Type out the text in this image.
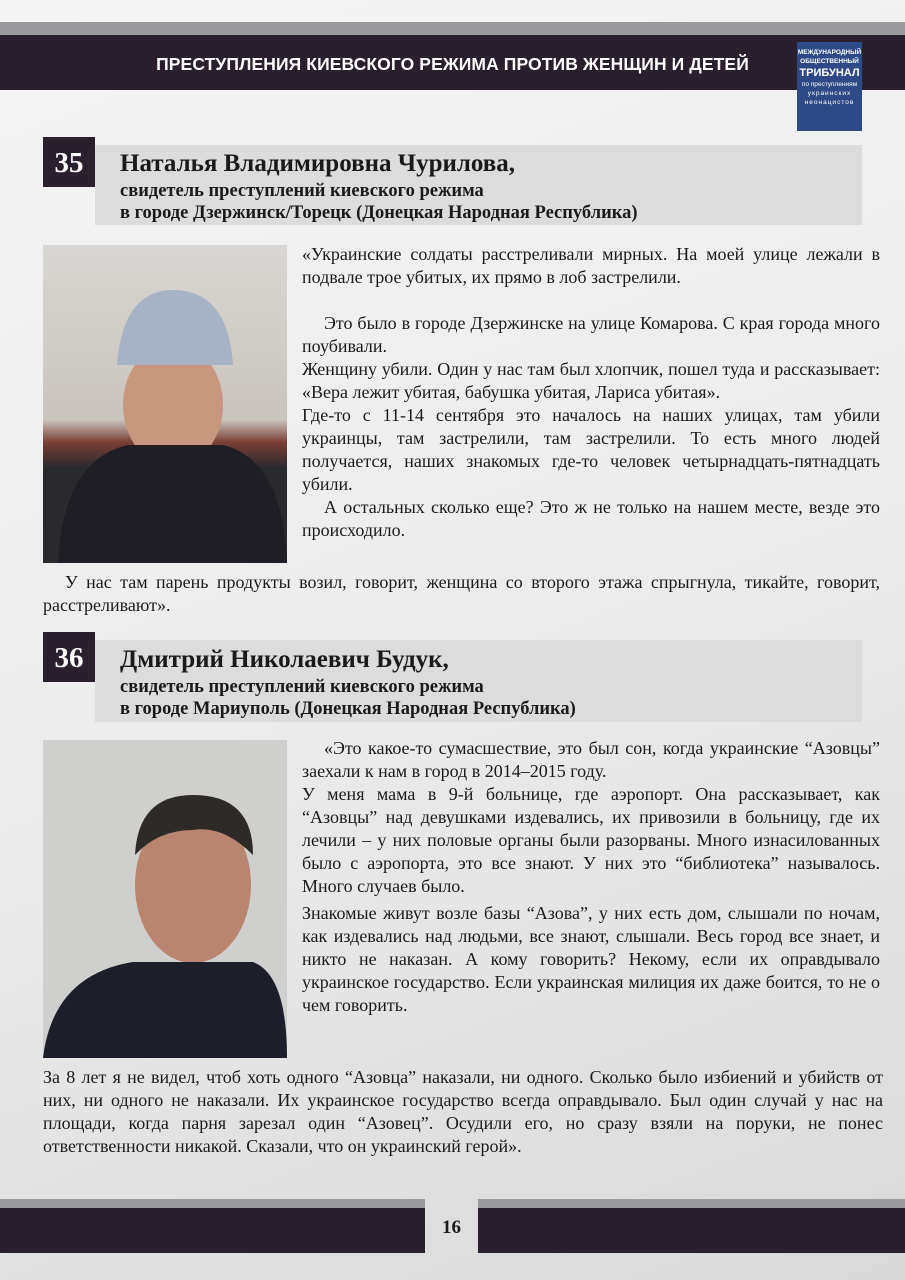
ПРЕСТУПЛЕНИЯ КИЕВСКОГО РЕЖИМА ПРОТИВ ЖЕНЩИН И ДЕТЕЙ
МЕЖДУНАРОДНЫЙ
ОБЩЕСТВЕННЫЙ
ТРИБУНАЛ
по преступлениям
украинских
неонацистов
35	Наталья Владимировна Чурилова,
свидетель преступлений киевского режима
в городе Дзержинск/Торецк (Донецкая Народная Республика)

«Украинские солдаты расстреливали мирных. На моей улице лежали в подвале трое убитых, их прямо в лоб застрелили.

Это было в городе Дзержинске на улице Комарова. С края города много поубивали.

Женщину убили. Один у нас там был хлопчик, пошел туда и рассказывает: «Вера лежит убитая, бабушка убитая, Лариса убитая».

Где-то с 11-14 сентября это началось на наших улицах, там убили украинцы, там застрелили, там застрелили. То есть много людей получается, наших знакомых где-то человек четырнадцать-пятнадцать убили.

А остальных сколько еще? Это ж не только на нашем месте, везде это происходило.

У нас там парень продукты возил, говорит, женщина со второго этажа спрыгнула, тикайте, говорит, расстреливают».
36	Дмитрий Николаевич Будук,
свидетель преступлений киевского режима
в городе Мариуполь (Донецкая Народная Республика)

«Это какое-то сумасшествие, это был сон, когда украинские “Азовцы” заехали к нам в город в 2014–2015 году.

У меня мама в 9-й больнице, где аэропорт. Она рассказывает, как “Азовцы” над девушками издевались, их привозили в больницу, где их лечили – у них половые органы были разорваны. Много изнасилованных было с аэропорта, это все знают. У них это “библиотека” называлось. Много случаев было.

Знакомые живут возле базы “Азова”, у них есть дом, слышали по ночам, как издевались над людьми, все знают, слышали. Весь город все знает, и никто не наказан. А кому говорить? Некому, если их оправдывало украинское государство. Если украинская милиция их даже боится, то не о чем говорить.

За 8 лет я не видел, чтоб хоть одного “Азовца” наказали, ни одного. Сколько было избиений и убийств от них, ни одного не наказали. Их украинское государство всегда оправдывало. Был один случай у нас на площади, когда парня зарезал один “Азовец”. Осудили его, но сразу взяли на поруки, не понес ответственности никакой. Сказали, что он украинский герой».
16
